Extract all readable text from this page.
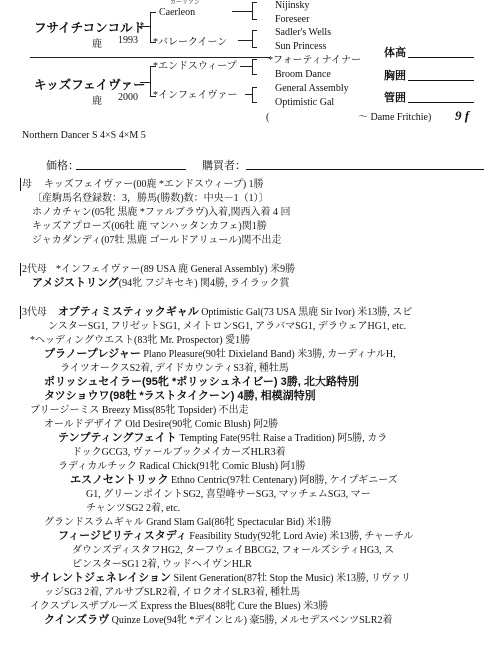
フサイチコンコルド
鹿 1993
カーリアン
Caerleon
*バレークイーン
Nijinsky
Foreseer
Sadler's Wells
Sun Princess
キッズフェイヴァー
鹿 2000
*エンドスウィープ
*インフェイヴァー
*フォーティナイナー
Broom Dance
General Assembly
Optimistic Gal
(	～ Dame Fritchie) 9 f
体高
胸囲
管囲
Northern Dancer S 4×S 4×M 5
価格：	購買者：
母 キッズフェイヴァー(00鹿 *エンドスウィープ) 1勝
〔産駒馬名登録数：3，勝馬(勝数)数：中央－1（1）〕
ホノカチャン(05牝 黒鹿 *ファルブラヴ)入着,関西入着 4 回
キッズアプローズ(06牡 鹿 マンハッタンカフェ)関1勝
ジャカダンディ(07牡 黒鹿 ゴールドアリュール)関不出走
2代母 *インフェイヴァー(89 USA 鹿 General Assembly) 米9勝
アメジストリング(94牝 フジキセキ) 関4勝, ライラック賞
3代母 オプティミスティックギャル Optimistic Gal(73 USA 黒鹿 Sir Ivor) 米13勝, スピ
ンスターSG1, フリゼットSG1, メイトロンSG1, アラバマSG1, デラウェアHG1, etc.
*ヘッディングウエスト(83牝 Mr. Prospector) 愛1勝
プラノープレジャー Plano Pleasure(90牡 Dixieland Band) 米3勝, カーディナルH,
ライツオークスS2着, デイドカウンティS3着, 種牡馬
ポリッシュセイラー(95牝 *ポリッシュネイビー) 3勝, 北大路特別
タツショウワ(98牡 *ラストタイクーン) 4勝, 相模湖特別
ブリージーミス Breezy Miss(85牝 Topsider) 不出走
オールドデザイア Old Desire(90牝 Comic Blush) 阿2勝
テンプティングフェイト Tempting Fate(95牡 Raise a Tradition) 阿5勝, カラ
ドックGCG3, ヴァールブックメイカーズHLR3着
ラディカルチック Radical Chick(91牝 Comic Blush) 阿1勝
エスノセントリック Ethno Centric(97牡 Centenary) 阿8勝, ケイプギニーズ
G1, グリーンポイントSG2, 喜望峰サーSG3, マッチェムSG3, マー
チャンツSG2 2着, etc.
グランドスラムギャル Grand Slam Gal(86牝 Spectacular Bid) 米1勝
フィージビリティスタディ Feasibility Study(92牝 Lord Avie) 米13勝, チャーチル
ダウンズディスタフHG2, ターフウェイBBCG2, フォールズシティHG3, ス
ピンスターSG1 2着, ウッドヘイヴンHLR
サイレントジェネレイション Silent Generation(87牡 Stop the Music) 米13勝, リヴァリ
ッジSG3 2着, アルサブSLR2着, イロクオイSLR3着, 種牡馬
イクスプレスザブルーズ Express the Blues(88牝 Cure the Blues) 米3勝
クインズラヴ Quinze Love(94牝 *デインヒル) 豪5勝, メルセデスベンツSLR2着
